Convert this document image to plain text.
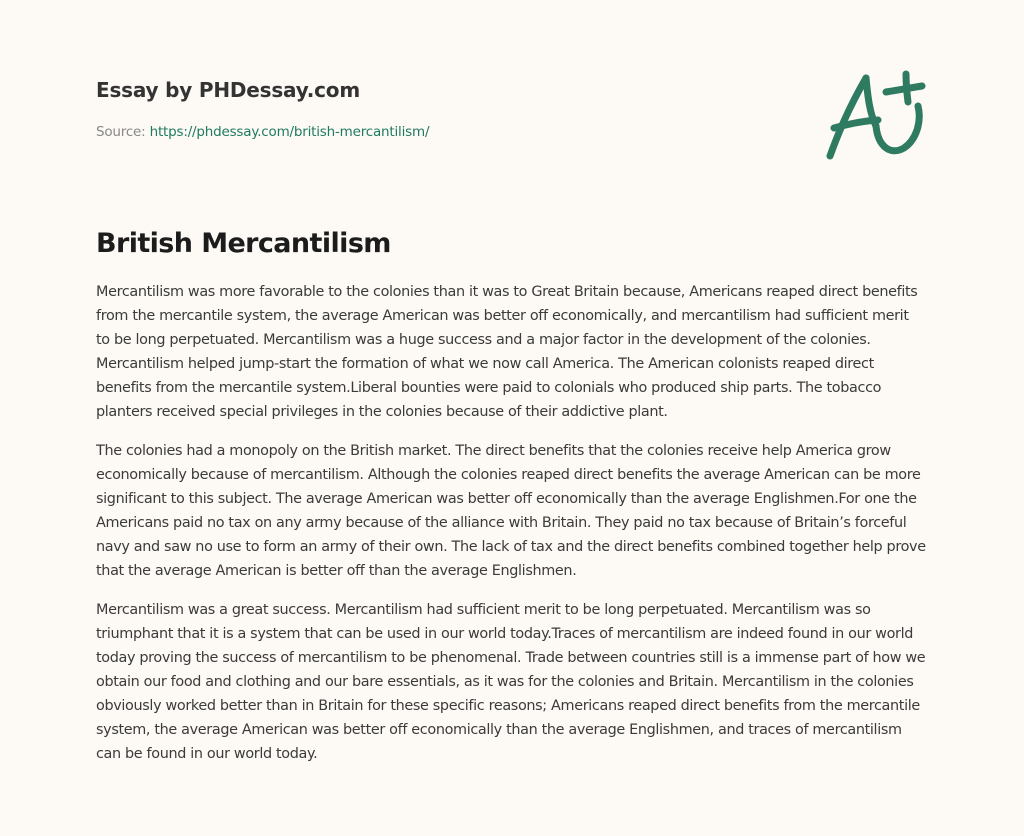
Essay by PHDessay.com
Source: https://phdessay.com/british-mercantilism/
British Mercantilism

Mercantilism was more favorable to the colonies than it was to Great Britain because, Americans reaped direct benefits from the mercantile system, the average American was better off economically, and mercantilism had sufficient merit to be long perpetuated. Mercantilism was a huge success and a major factor in the development of the colonies. Mercantilism helped jump-start the formation of what we now call America. The American colonists reaped direct benefits from the mercantile system.Liberal bounties were paid to colonials who produced ship parts. The tobacco planters received special privileges in the colonies because of their addictive plant.

The colonies had a monopoly on the British market. The direct benefits that the colonies receive help America grow economically because of mercantilism. Although the colonies reaped direct benefits the average American can be more significant to this subject. The average American was better off economically than the average Englishmen.For one the Americans paid no tax on any army because of the alliance with Britain. They paid no tax because of Britain’s forceful navy and saw no use to form an army of their own. The lack of tax and the direct benefits combined together help prove that the average American is better off than the average Englishmen.

Mercantilism was a great success. Mercantilism had sufficient merit to be long perpetuated. Mercantilism was so triumphant that it is a system that can be used in our world today.Traces of mercantilism are indeed found in our world today proving the success of mercantilism to be phenomenal. Trade between countries still is a immense part of how we obtain our food and clothing and our bare essentials, as it was for the colonies and Britain. Mercantilism in the colonies obviously worked better than in Britain for these specific reasons; Americans reaped direct benefits from the mercantile system, the average American was better off economically than the average Englishmen, and traces of mercantilism can be found in our world today.
